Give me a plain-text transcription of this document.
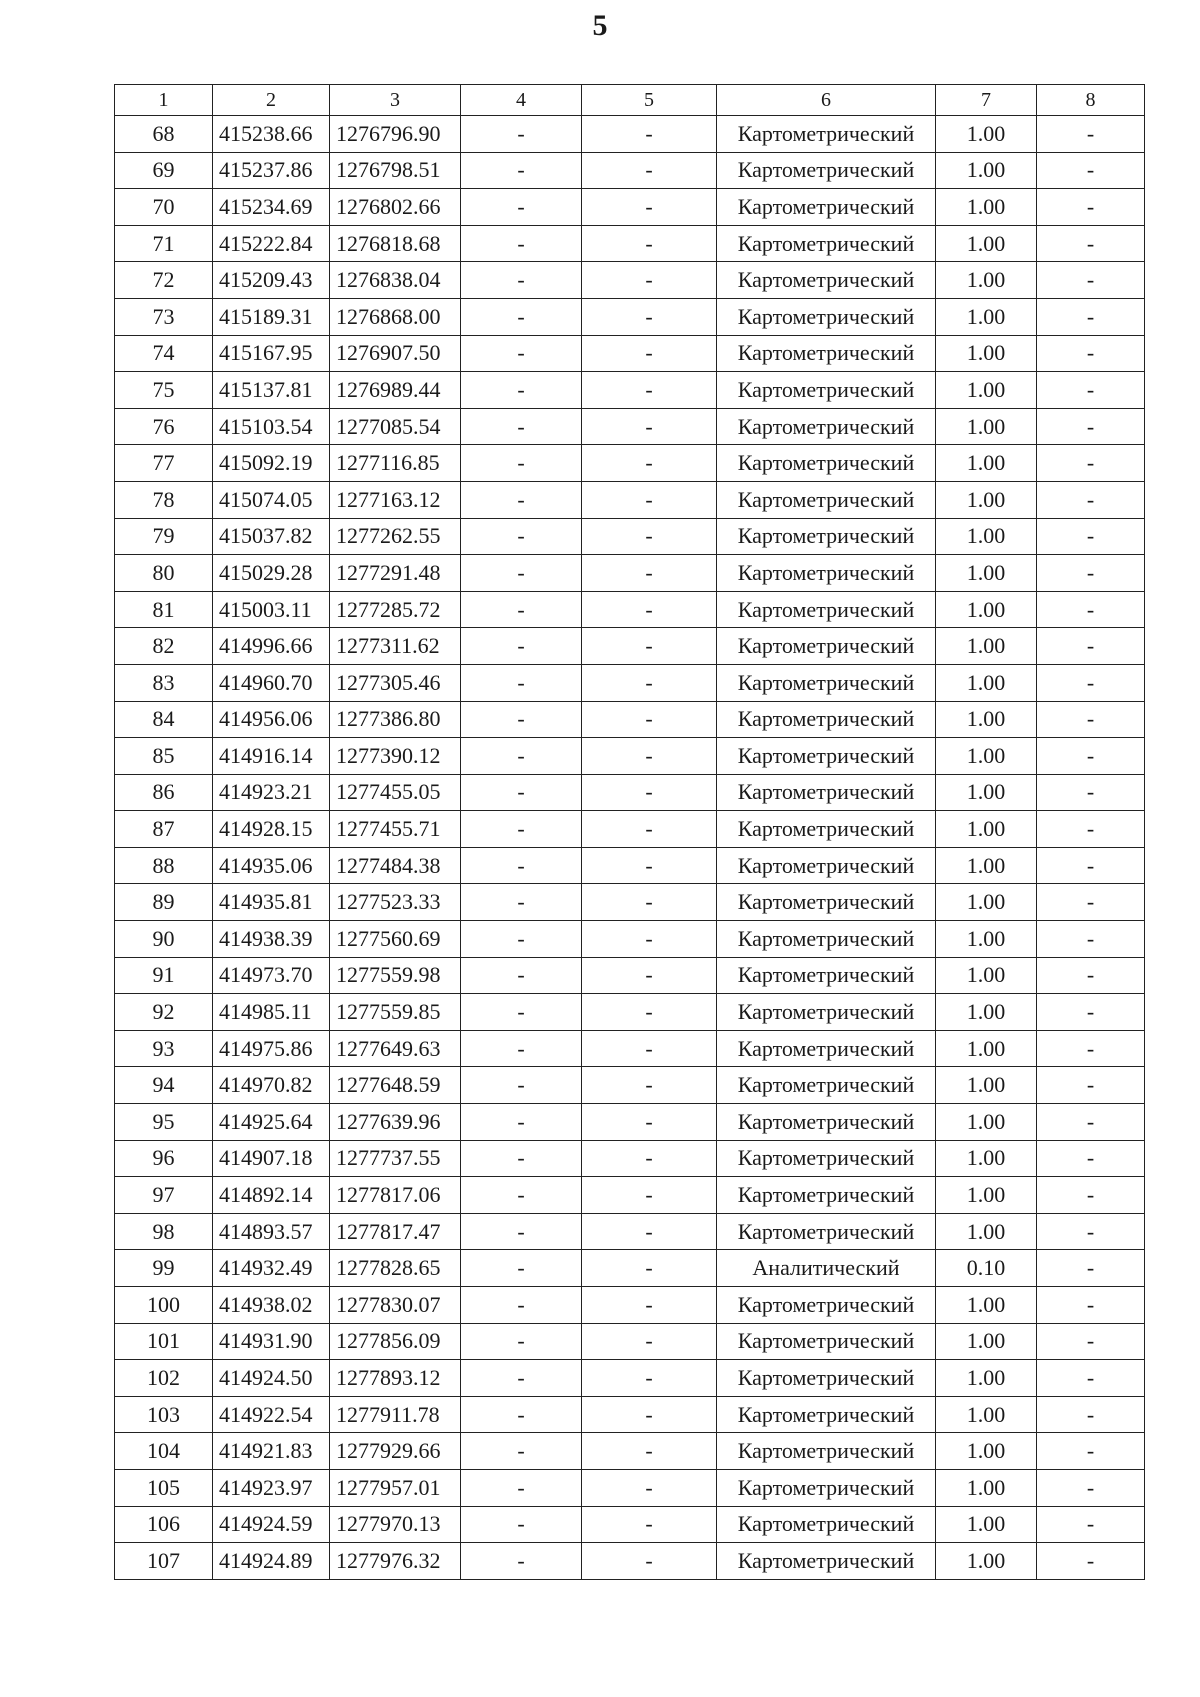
5
1	2	3	4	5	6	7	8
68	415238.66	1276796.90	-	-	Картометрический	1.00	-
69	415237.86	1276798.51	-	-	Картометрический	1.00	-
70	415234.69	1276802.66	-	-	Картометрический	1.00	-
71	415222.84	1276818.68	-	-	Картометрический	1.00	-
72	415209.43	1276838.04	-	-	Картометрический	1.00	-
73	415189.31	1276868.00	-	-	Картометрический	1.00	-
74	415167.95	1276907.50	-	-	Картометрический	1.00	-
75	415137.81	1276989.44	-	-	Картометрический	1.00	-
76	415103.54	1277085.54	-	-	Картометрический	1.00	-
77	415092.19	1277116.85	-	-	Картометрический	1.00	-
78	415074.05	1277163.12	-	-	Картометрический	1.00	-
79	415037.82	1277262.55	-	-	Картометрический	1.00	-
80	415029.28	1277291.48	-	-	Картометрический	1.00	-
81	415003.11	1277285.72	-	-	Картометрический	1.00	-
82	414996.66	1277311.62	-	-	Картометрический	1.00	-
83	414960.70	1277305.46	-	-	Картометрический	1.00	-
84	414956.06	1277386.80	-	-	Картометрический	1.00	-
85	414916.14	1277390.12	-	-	Картометрический	1.00	-
86	414923.21	1277455.05	-	-	Картометрический	1.00	-
87	414928.15	1277455.71	-	-	Картометрический	1.00	-
88	414935.06	1277484.38	-	-	Картометрический	1.00	-
89	414935.81	1277523.33	-	-	Картометрический	1.00	-
90	414938.39	1277560.69	-	-	Картометрический	1.00	-
91	414973.70	1277559.98	-	-	Картометрический	1.00	-
92	414985.11	1277559.85	-	-	Картометрический	1.00	-
93	414975.86	1277649.63	-	-	Картометрический	1.00	-
94	414970.82	1277648.59	-	-	Картометрический	1.00	-
95	414925.64	1277639.96	-	-	Картометрический	1.00	-
96	414907.18	1277737.55	-	-	Картометрический	1.00	-
97	414892.14	1277817.06	-	-	Картометрический	1.00	-
98	414893.57	1277817.47	-	-	Картометрический	1.00	-
99	414932.49	1277828.65	-	-	Аналитический	0.10	-
100	414938.02	1277830.07	-	-	Картометрический	1.00	-
101	414931.90	1277856.09	-	-	Картометрический	1.00	-
102	414924.50	1277893.12	-	-	Картометрический	1.00	-
103	414922.54	1277911.78	-	-	Картометрический	1.00	-
104	414921.83	1277929.66	-	-	Картометрический	1.00	-
105	414923.97	1277957.01	-	-	Картометрический	1.00	-
106	414924.59	1277970.13	-	-	Картометрический	1.00	-
107	414924.89	1277976.32	-	-	Картометрический	1.00	-
